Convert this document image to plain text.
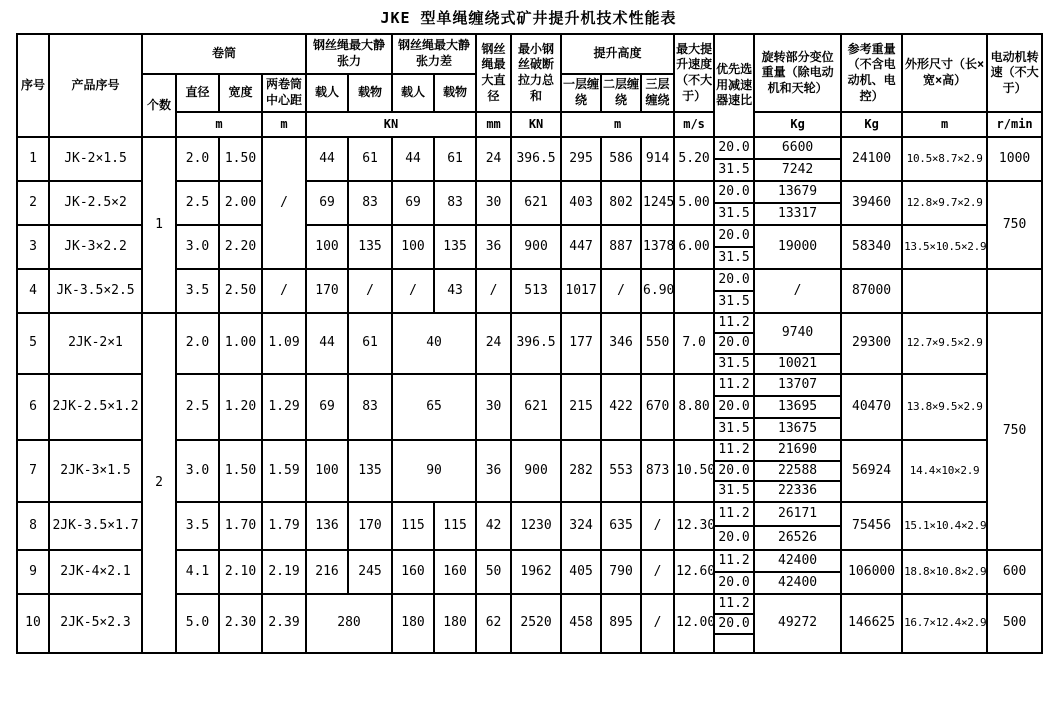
JKE 型单绳缠绕式矿井提升机技术性能表
序号	产品序号	卷筒				钢丝绳最大静张力		钢丝绳最大静张力差		钢丝绳最大直径	最小钢丝破断拉力总和	提升高度			最大提升速度（不大于）	优先选用减速器速比	旋转部分变位重量（除电动机和天轮）	参考重量（不含电动机、电控）	外形尺寸（长×宽×高）	电动机转速（不大于）
		个数	直径	宽度	两卷筒中心距	载人	载物	载人	载物			一层缠绕	二层缠绕	三层缠绕						
			m		m	KN				mm	KN	m			m/s		Kg	Kg	m	r/min
1	JK-2×1.5	1	2.0	1.50	/	44	61	44	61	24	396.5	295	586	914	5.20	20.0	6600	24100	10.5×8.7×2.9	1000
																31.5	7242			
2	JK-2.5×2		2.5	2.00		69	83	69	83	30	621	403	802	1245	5.00	20.0	13679	39460	12.8×9.7×2.9	750
																31.5	13317			
3	JK-3×2.2		3.0	2.20		100	135	100	135	36	900	447	887	1378	6.00	20.0	19000	58340	13.5×10.5×2.9	
																31.5				
4	JK-3.5×2.5		3.5	2.50	/	170	/	/	43	/	513	1017	/	6.90		20.0	/	87000		
																31.5				
5	2JK-2×1	2	2.0	1.00	1.09	44	61	40		24	396.5	177	346	550	7.0	11.2	9740	29300	12.7×9.5×2.9	750
																20.0				
																31.5	10021			
6	2JK-2.5×1.2		2.5	1.20	1.29	69	83	65		30	621	215	422	670	8.80	11.2	13707	40470	13.8×9.5×2.9	
																20.0	13695			
																31.5	13675			
7	2JK-3×1.5		3.0	1.50	1.59	100	135	90		36	900	282	553	873	10.50	11.2	21690	56924	14.4×10×2.9	
																20.0	22588			
																31.5	22336			
8	2JK-3.5×1.7		3.5	1.70	1.79	136	170	115	115	42	1230	324	635	/	12.30	11.2	26171	75456	15.1×10.4×2.9	
																20.0	26526			
9	2JK-4×2.1		4.1	2.10	2.19	216	245	160	160	50	1962	405	790	/	12.60	11.2	42400	106000	18.8×10.8×2.9	600
																20.0	42400			
10	2JK-5×2.3		5.0	2.30	2.39	280		180	180	62	2520	458	895	/	12.00	11.2	49272	146625	16.7×12.4×2.9	500
																20.0				
